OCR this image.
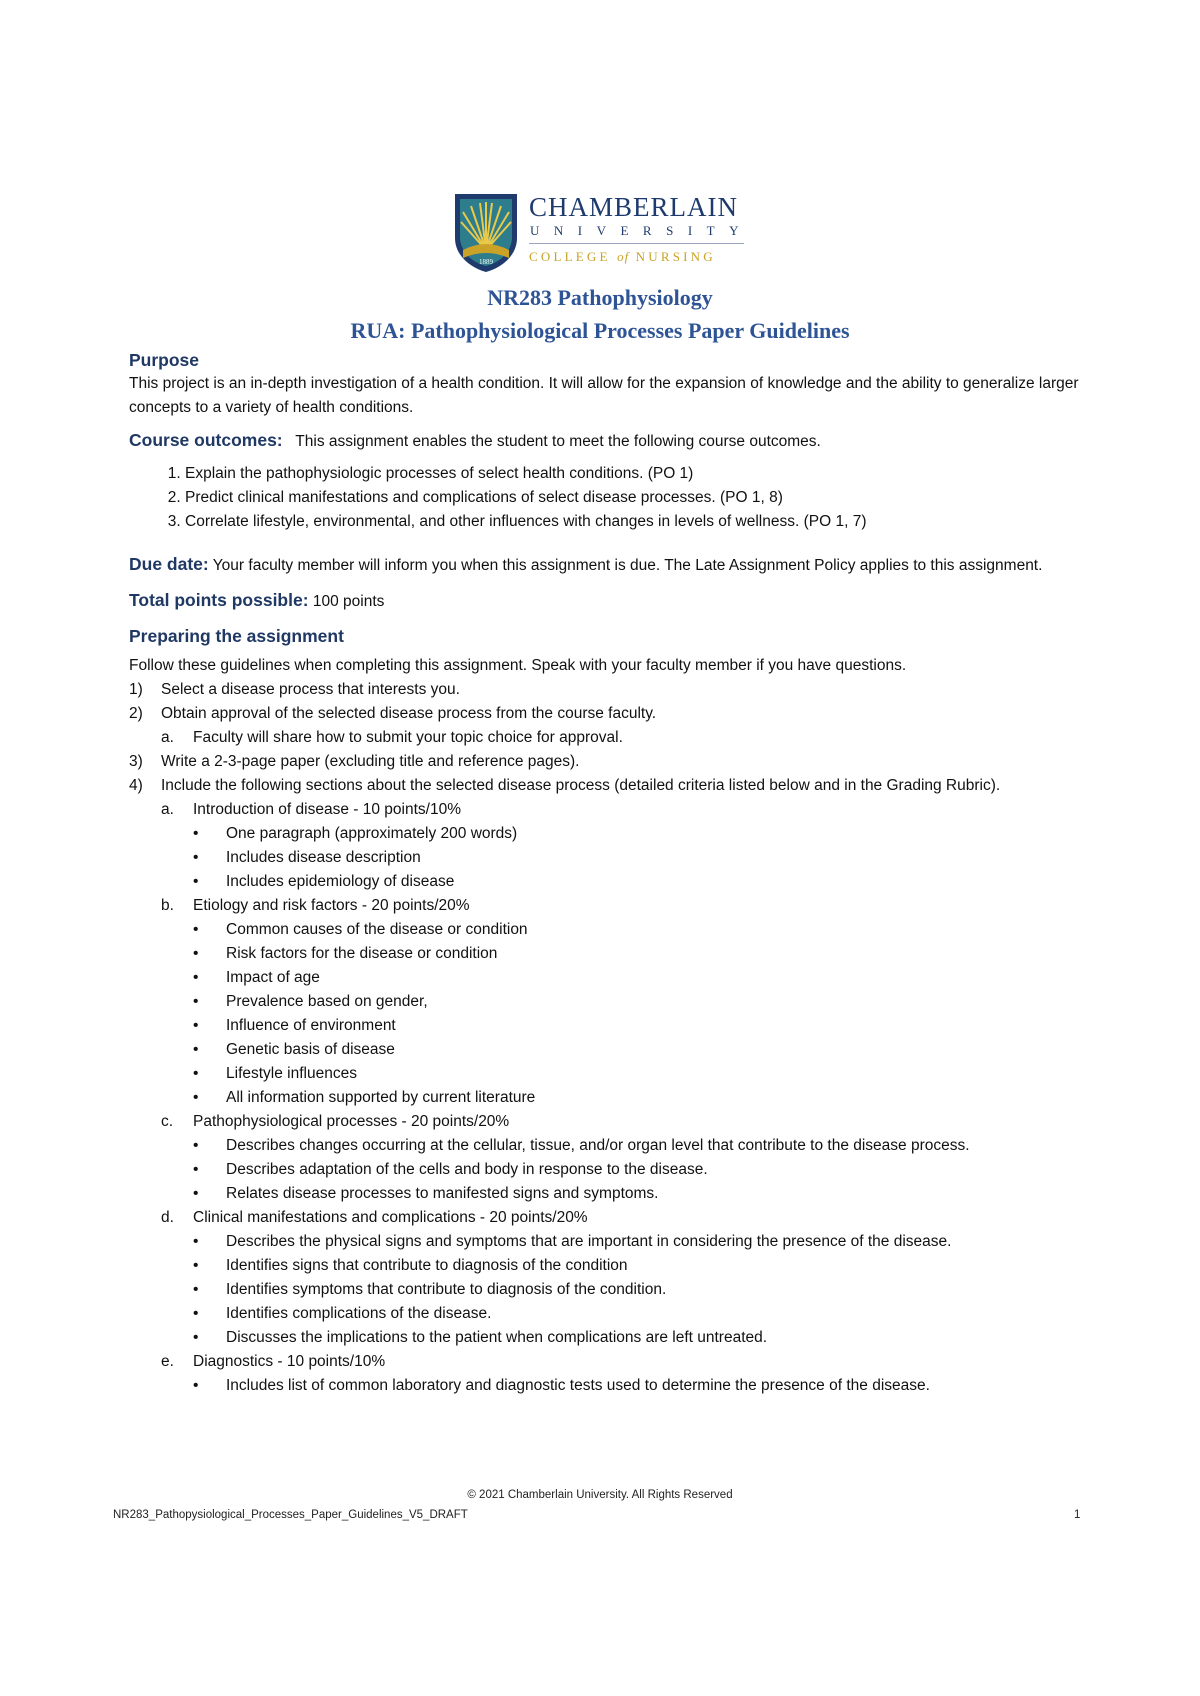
1889
CHAMBERLAIN
UNIVERSITY
COLLEGE of NURSING
NR283 Pathophysiology
RUA: Pathophysiological Processes Paper Guidelines

Purpose

This project is an in-depth investigation of a health condition. It will allow for the expansion of knowledge and the ability to generalize larger concepts to a variety of health conditions.

Course outcomes: This assignment enables the student to meet the following course outcomes.

1. Explain the pathophysiologic processes of select health conditions. (PO 1)
2. Predict clinical manifestations and complications of select disease processes. (PO 1, 8)
3. Correlate lifestyle, environmental, and other influences with changes in levels of wellness. (PO 1, 7)

Due date: Your faculty member will inform you when this assignment is due. The Late Assignment Policy applies to this assignment.

Total points possible: 100 points

Preparing the assignment

Follow these guidelines when completing this assignment. Speak with your faculty member if you have questions.

1) Select a disease process that interests you.
2) Obtain approval of the selected disease process from the course faculty.
a. Faculty will share how to submit your topic choice for approval.
3) Write a 2-3-page paper (excluding title and reference pages).
4) Include the following sections about the selected disease process (detailed criteria listed below and in the Grading Rubric).
a. Introduction of disease - 10 points/10%
• One paragraph (approximately 200 words)
• Includes disease description
• Includes epidemiology of disease
b. Etiology and risk factors - 20 points/20%
• Common causes of the disease or condition
• Risk factors for the disease or condition
• Impact of age
• Prevalence based on gender,
• Influence of environment
• Genetic basis of disease
• Lifestyle influences
• All information supported by current literature
c. Pathophysiological processes - 20 points/20%
• Describes changes occurring at the cellular, tissue, and/or organ level that contribute to the disease process.
• Describes adaptation of the cells and body in response to the disease.
• Relates disease processes to manifested signs and symptoms.
d. Clinical manifestations and complications - 20 points/20%
• Describes the physical signs and symptoms that are important in considering the presence of the disease.
• Identifies signs that contribute to diagnosis of the condition
• Identifies symptoms that contribute to diagnosis of the condition.
• Identifies complications of the disease.
• Discusses the implications to the patient when complications are left untreated.
e. Diagnostics - 10 points/10%
• Includes list of common laboratory and diagnostic tests used to determine the presence of the disease.
© 2021 Chamberlain University. All Rights Reserved
NR283_Pathopysiological_Processes_Paper_Guidelines_V5_DRAFT	1
